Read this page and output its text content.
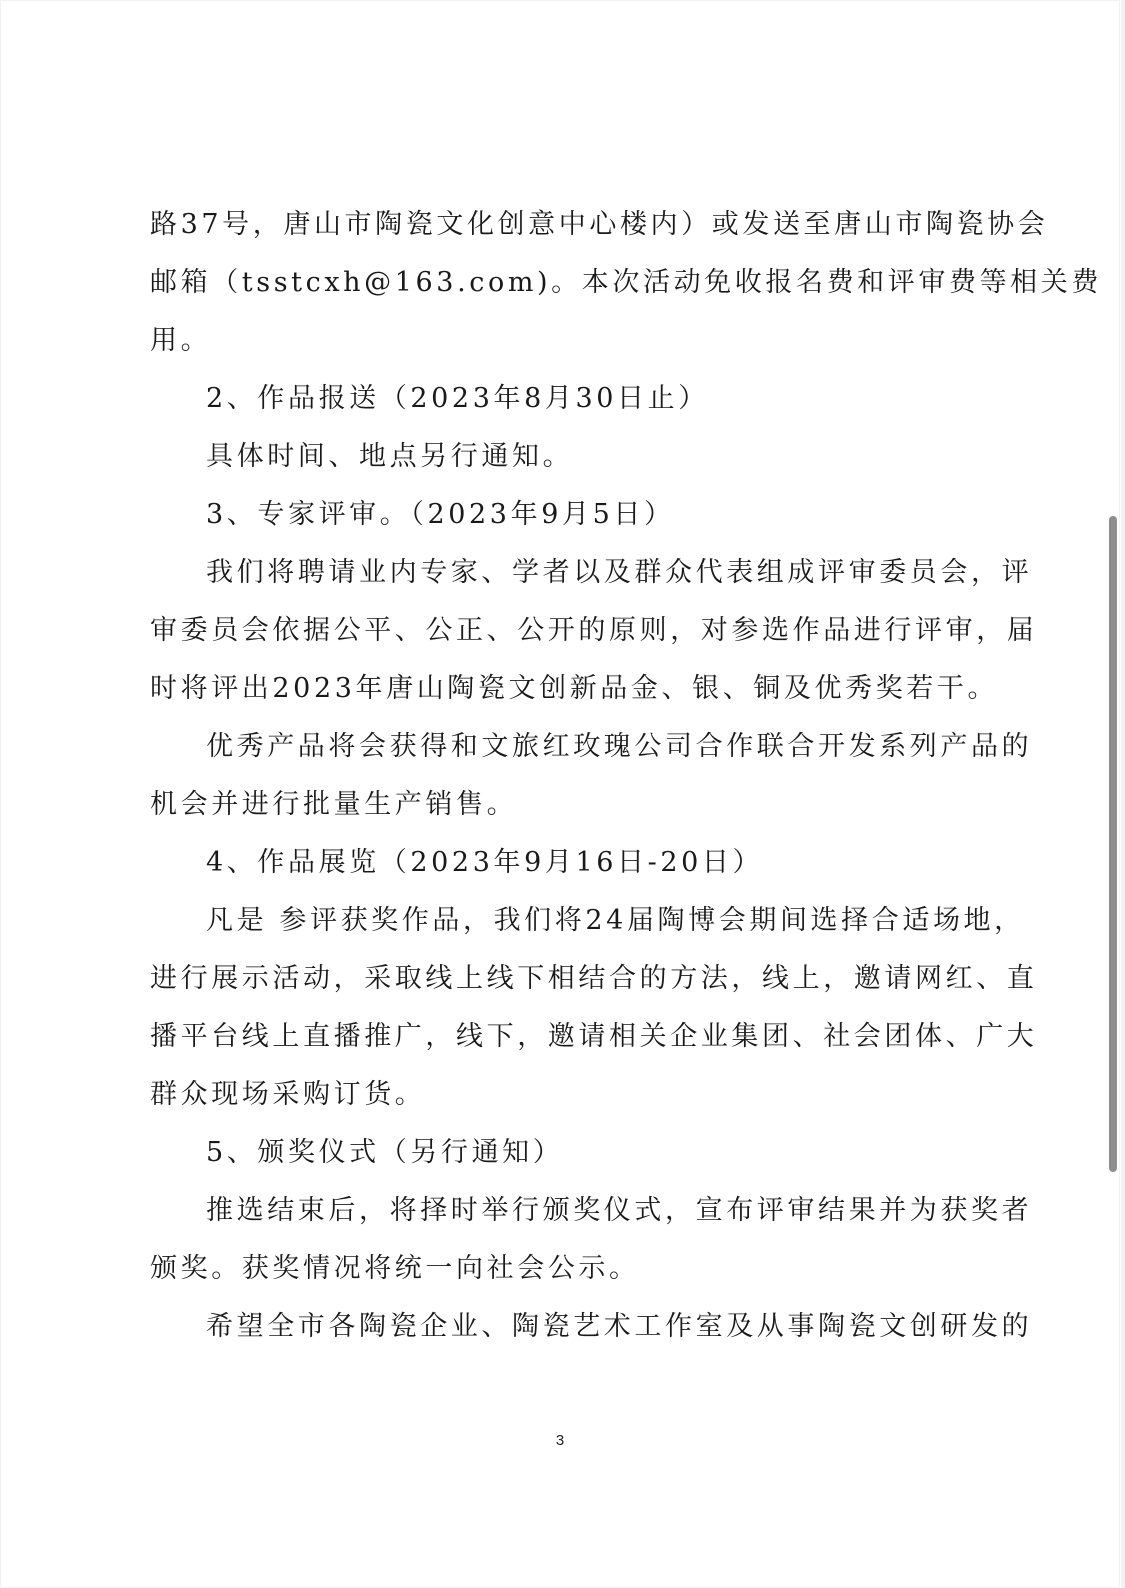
路37号，唐山市陶瓷文化创意中心楼内）或发送至唐山市陶瓷协会
邮箱（tsstcxh@163.com)。本次活动免收报名费和评审费等相关费
用。
2、作品报送（2023年8月30日止）
具体时间、地点另行通知。
3、专家评审。（2023年9月5日）
我们将聘请业内专家、学者以及群众代表组成评审委员会，评
审委员会依据公平、公正、公开的原则，对参选作品进行评审，届
时将评出2023年唐山陶瓷文创新品金、银、铜及优秀奖若干。
优秀产品将会获得和文旅红玫瑰公司合作联合开发系列产品的
机会并进行批量生产销售。
4、作品展览（2023年9月16日-20日）
凡是 参评获奖作品，我们将24届陶博会期间选择合适场地，
进行展示活动，采取线上线下相结合的方法，线上，邀请网红、直
播平台线上直播推广，线下，邀请相关企业集团、社会团体、广大
群众现场采购订货。
5、颁奖仪式（另行通知）
推选结束后，将择时举行颁奖仪式，宣布评审结果并为获奖者
颁奖。获奖情况将统一向社会公示。
希望全市各陶瓷企业、陶瓷艺术工作室及从事陶瓷文创研发的
3
